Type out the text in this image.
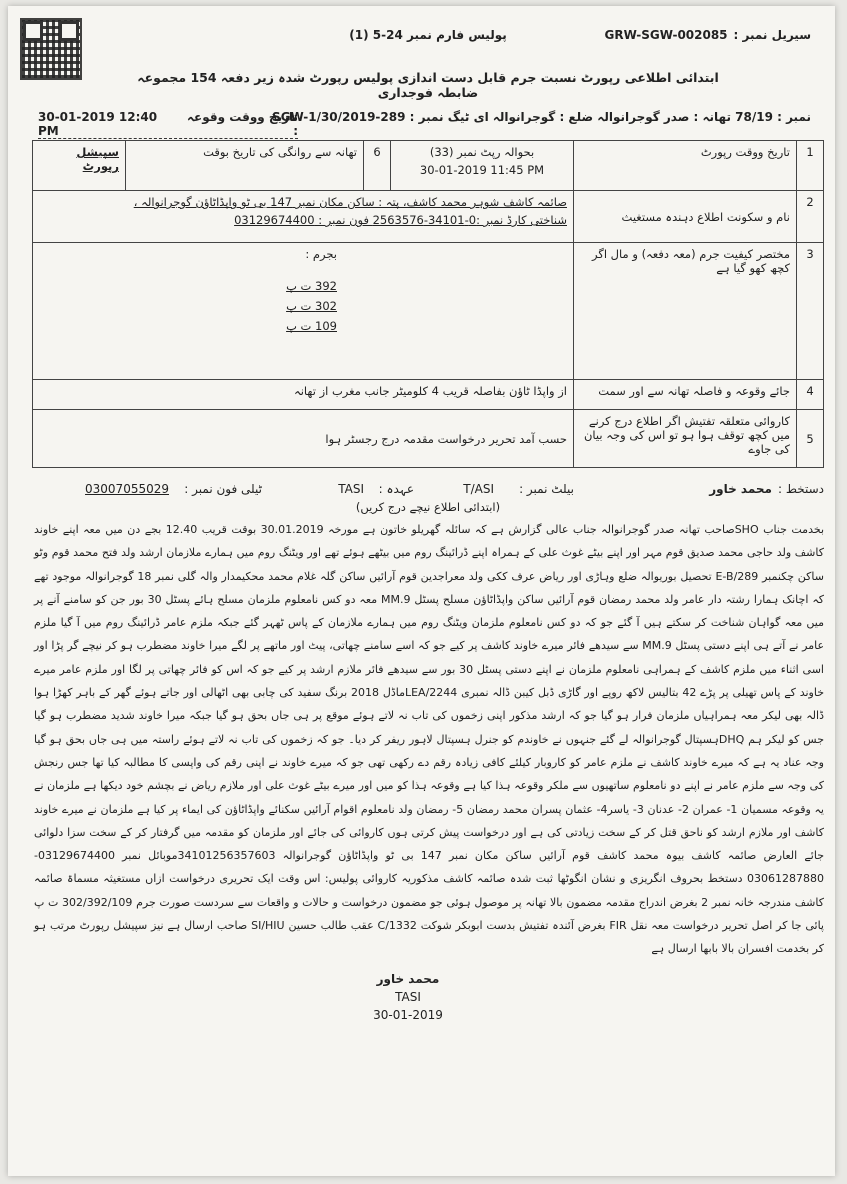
سیریل نمبر :
GRW-SGW-002085
پولیس فارم نمبر 24-5 (1)
ابتدائی اطلاعی رپورٹ نسبت جرم قابل دست اندازی پولیس رپورٹ شدہ زیر دفعہ 154 مجموعہ ضابطہ فوجداری
نمبر : 78/19 تھانہ : صدر گوجرانوالہ ضلع : گوجرانوالہ ای ٹیگ نمبر : SGW-1/30/2019-289
تاریخ ووقت وقوعہ :
30-01-2019 12:40 PM
1	تاریخ ووقت رپورٹ	بحوالہ رپٹ نمبر (33)
30-01-2019 11:45 PM	6	تھانہ سے روانگی کی تاریخ بوقت	سپیشل رپورٹ
2	نام و سکونت اطلاع دہندہ مستغیث	صائمہ کاشف شوہر محمد کاشف، پتہ : ساکن مکان نمبر 147 بی ٹو واپڈاٹاؤن گوجرانوالہ ،
شناختی کارڈ نمبر :0-34101-2563576 فون نمبر : 03129674400			

3	مختصر کیفیت جرم (معہ دفعہ) و مال اگر کچھ کھو گیا ہے	بجرم :
392 ت پ
302 ت پ
109 ت پ			

4	جائے وقوعہ و فاصلہ تھانہ سے اور سمت	از واپڈا ٹاؤن بفاصلہ قریب 4 کلومیٹر جانب مغرب از تھانہ			
5	کاروائی متعلقہ تفتیش اگر اطلاع درج کرنے میں کچھ توقف ہوا ہو تو اس کی وجہ بیان کی جاوے	حسب آمد تحریر درخواست مقدمہ درج رجسٹر ہوا			
دستخط :
محمد خاور
بیلٹ نمبر :
T/ASI
عہدہ :
TASI
ٹیلی فون نمبر :
03007055029
(ابتدائی اطلاع نیچے درج کریں)
بخدمت جناب SHOصاحب تھانہ صدر گوجرانوالہ جناب عالی گزارش ہے کہ سائلہ گھریلو خاتون ہے مورخہ 30.01.2019 بوقت قریب 12.40 بجے دن میں معہ اپنے خاوند کاشف ولد حاجی محمد صدیق قوم مہر اور اپنے بیٹے غوث علی کے ہمراہ اپنے ڈرائینگ روم میں بیٹھے ہوئے تھے اور ویٹنگ روم میں ہمارے ملازمان ارشد ولد فتح محمد قوم وٹو ساکن چکنمبر 289/E-B تحصیل بوریوالہ ضلع وہاڑی اور ریاض عرف ککی ولد معراجدین قوم آرائیں ساکن گلہ غلام محمد محکیمدار والہ گلی نمبر 18 گوجرانوالہ موجود تھے کہ اچانک ہمارا رشتہ دار عامر ولد محمد رمضان قوم آرائیں ساکن واپڈاٹاؤن مسلح پسٹل MM.9 معہ دو کس نامعلوم ملزمان مسلح ہائے پسٹل 30 بور جن کو سامنے آنے پر میں معہ گواہان شناخت کر سکتے ہیں آ گئے جو کہ دو کس نامعلوم ملزمان ویٹنگ روم میں ہمارے ملازمان کے پاس ٹھہر گئے جبکہ ملزم عامر ڈرائینگ روم میں آ گیا ملزم عامر نے آتے ہی اپنے دستی پسٹل MM.9 سے سیدھے فائر میرے خاوند کاشف پر کیے جو کہ اسے سامنے چھاتی، پیٹ اور ماتھے پر لگے میرا خاوند مضطرب ہو کر نیچے گر پڑا اور اسی اثناء میں ملزم کاشف کے ہمراہی نامعلوم ملزمان نے اپنے دستی پسٹل 30 بور سے سیدھے فائر ملازم ارشد پر کیے جو کہ اس کو فائر چھاتی پر لگا اور ملزم عامر میرے خاوند کے پاس تھیلی پر پڑے 42 بتالیس لاکھ روپے اور گاڑی ڈبل کیبن ڈالہ نمبری LEA/2244ماڈل 2018 برنگ سفید کی چابی بھی اٹھالی اور جاتے ہوئے گھر کے باہر کھڑا ہوا ڈالہ بھی لیکر معہ ہمراہیاں ملزمان فرار ہو گیا جو کہ ارشد مذکور اپنی زخموں کی تاب نہ لاتے ہوئے موقع پر ہی جاں بحق ہو گیا جبکہ میرا خاوند شدید مضطرب ہو گیا جس کو لیکر ہم DHQہسپتال گوجرانوالہ لے گئے جنہوں نے خاوندم کو جنرل ہسپتال لاہور ریفر کر دیا۔ جو کہ زخموں کی تاب نہ لاتے ہوئے راستہ میں ہی جاں بحق ہو گیا وجہ عناد یہ ہے کہ میرے خاوند کاشف نے ملزم عامر کو کاروبار کیلئے کافی زیادہ رقم دے رکھی تھی جو کہ میرے خاوند نے اپنی رقم کی واپسی کا مطالبہ کیا تھا جس رنجش کی وجہ سے ملزم عامر نے اپنے دو نامعلوم ساتھیوں سے ملکر وقوعہ ہذا کیا ہے وقوعہ ہذا کو میں اور میرے بیٹے غوث علی اور ملازم ریاض نے بچشم خود دیکھا ہے ملزمان نے یہ وقوعہ مسمیان 1- عمران 2- عدنان 3- یاسر4- عثمان پسران محمد رمضان 5- رمضان ولد نامعلوم اقوام آرائیں سکنائے واپڈاٹاؤن کی ایماء پر کیا ہے ملزمان نے میرے خاوند کاشف اور ملازم ارشد کو ناحق قتل کر کے سخت زیادتی کی ہے اور درخواست پیش کرتی ہوں کاروائی کی جائے اور ملزمان کو مقدمہ میں گرفتار کر کے سخت سزا دلوائی جائے العارض صائمہ کاشف بیوہ محمد کاشف قوم آرائیں ساکن مکان نمبر 147 بی ٹو واپڈاٹاؤن گوجرانوالہ 34101256357603موبائل نمبر 03129674400-03061287880 دستخط بحروف انگریزی و نشان انگوٹھا ثبت شدہ صائمہ کاشف مذکوریہ کاروائی پولیس: اس وقت ایک تحریری درخواست ازاں مستغیثہ مسماۃ صائمہ کاشف مندرجہ خانہ نمبر 2 بغرض اندراج مقدمہ مضمون بالا تھانہ پر موصول ہوئی جو مضمون درخواست و حالات و واقعات سے سردست صورت جرم 302/392/109 ت پ پائی جا کر اصل تحریر درخواست معہ نقل FIR بغرض آئندہ تفتیش بدست ابوبکر شوکت C/1332 عقب طالب حسین SI/HIU صاحب ارسال ہے نیز سپیشل رپورٹ مرتب ہو کر بخدمت افسران بالا بابھا ارسال ہے
محمد خاور
TASI
30-01-2019
